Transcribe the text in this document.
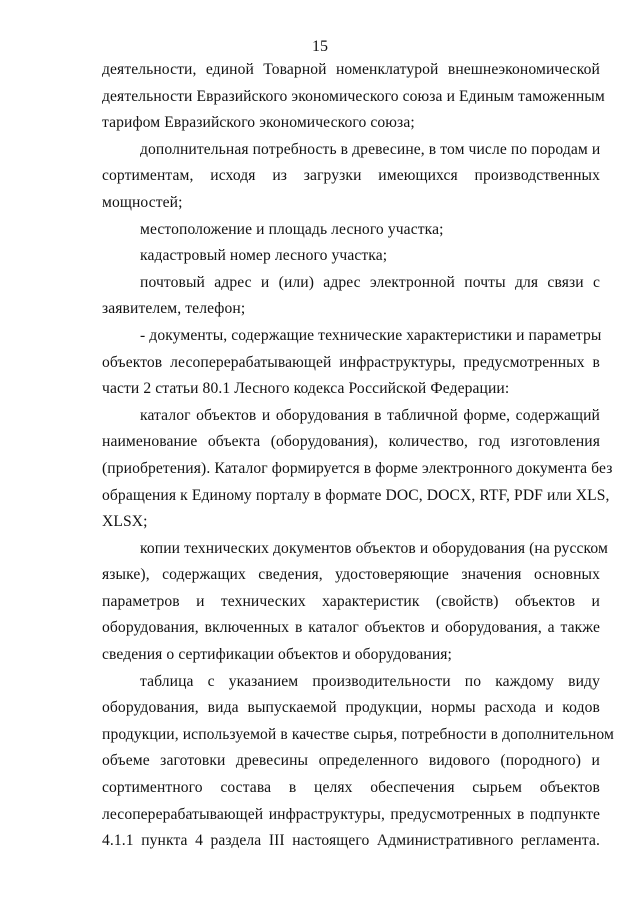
15

деятельности, единой Товарной номенклатурой внешнеэкономической
деятельности Евразийского экономического союза и Единым таможенным
тарифом Евразийского экономического союза;

дополнительная потребность в древесине, в том числе по породам и
сортиментам, исходя из загрузки имеющихся производственных
мощностей;

местоположение и площадь лесного участка;

кадастровый номер лесного участка;

почтовый адрес и (или) адрес электронной почты для связи с
заявителем, телефон;

- документы, содержащие технические характеристики и параметры
объектов лесоперерабатывающей инфраструктуры, предусмотренных в
части 2 статьи 80.1 Лесного кодекса Российской Федерации:

каталог объектов и оборудования в табличной форме, содержащий
наименование объекта (оборудования), количество, год изготовления
(приобретения). Каталог формируется в форме электронного документа без
обращения к Единому порталу в формате DOC, DOCX, RTF, PDF или XLS,
XLSX;

копии технических документов объектов и оборудования (на русском
языке), содержащих сведения, удостоверяющие значения основных
параметров и технических характеристик (свойств) объектов и
оборудования, включенных в каталог объектов и оборудования, а также
сведения о сертификации объектов и оборудования;

таблица с указанием производительности по каждому виду
оборудования, вида выпускаемой продукции, нормы расхода и кодов
продукции, используемой в качестве сырья, потребности в дополнительном
объеме заготовки древесины определенного видового (породного) и
сортиментного состава в целях обеспечения сырьем объектов
лесоперерабатывающей инфраструктуры, предусмотренных в подпункте
4.1.1 пункта 4 раздела III настоящего Административного регламента.
